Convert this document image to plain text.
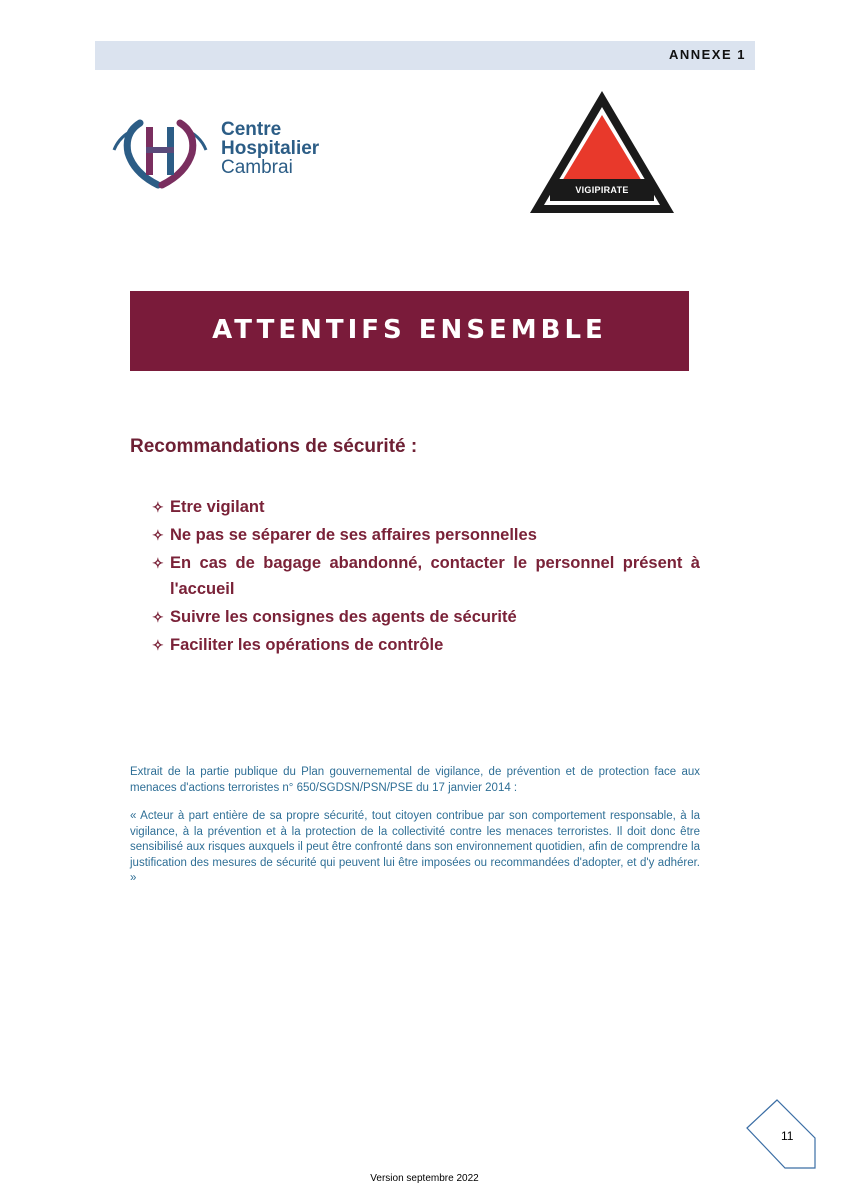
ANNEXE 1
Centre
Hospitalier
Cambrai
VIGIPIRATE
ATTENTIFS ENSEMBLE
Recommandations de sécurité :
✧ Etre vigilant
✧ Ne pas se séparer de ses affaires personnelles
✧ En cas de bagage abandonné, contacter le personnel présent à l'accueil
✧ Suivre les consignes des agents de sécurité
✧ Faciliter les opérations de contrôle

Extrait de la partie publique du Plan gouvernemental de vigilance, de prévention et de protection face aux menaces d'actions terroristes n° 650/SGDSN/PSN/PSE du 17 janvier 2014 :

« Acteur à part entière de sa propre sécurité, tout citoyen contribue par son comportement responsable, à la vigilance, à la prévention et à la protection de la collectivité contre les menaces terroristes. Il doit donc être sensibilisé aux risques auxquels il peut être confronté dans son environnement quotidien, afin de comprendre la justification des mesures de sécurité qui peuvent lui être imposées ou recommandées d'adopter, et d'y adhérer. »

11
Version septembre 2022
